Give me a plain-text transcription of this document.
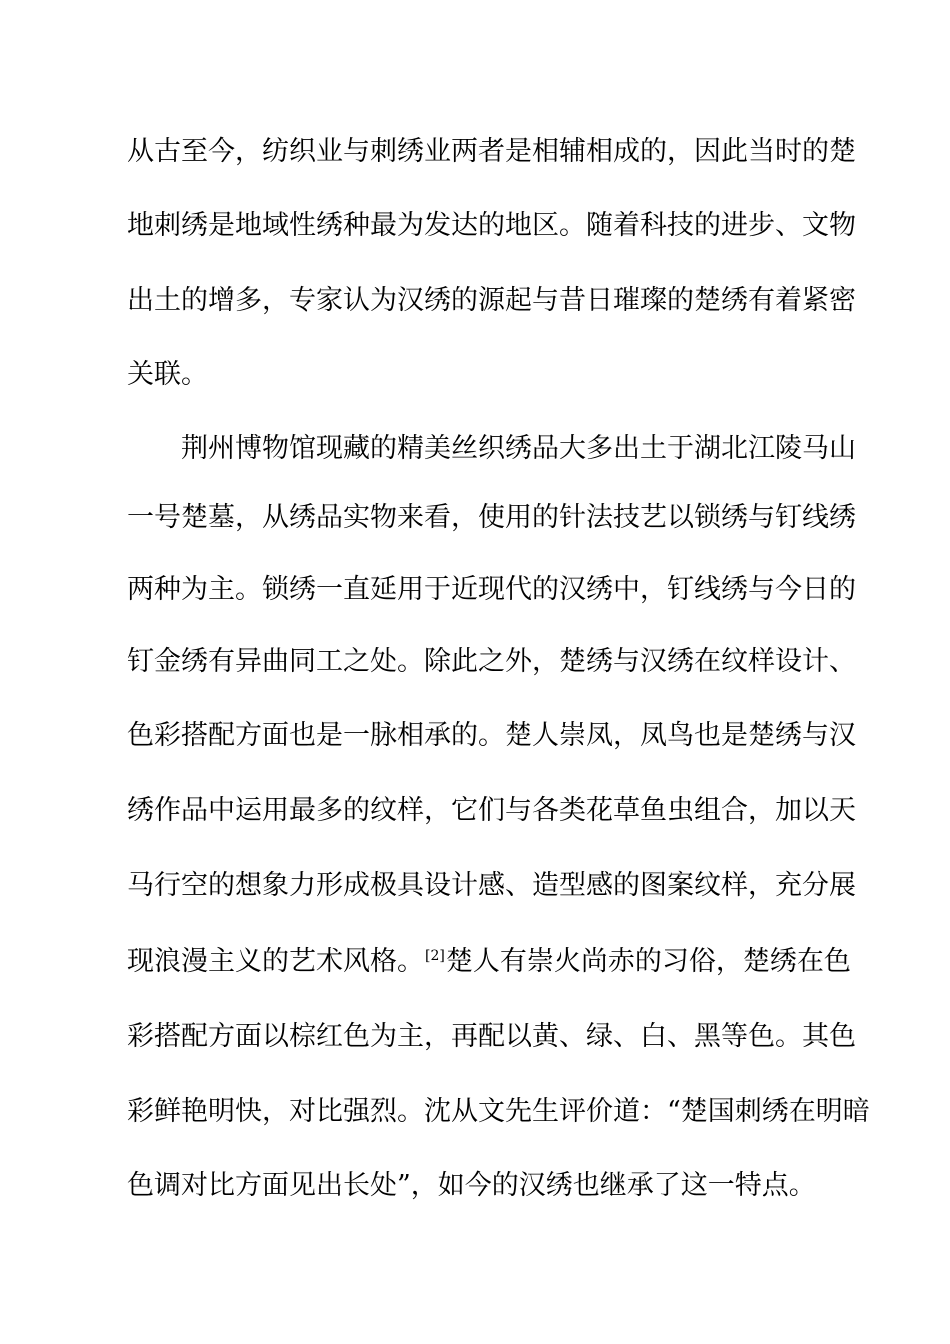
从古至今，纺织业与刺绣业两者是相辅相成的，因此当时的楚
地刺绣是地域性绣种最为发达的地区。随着科技的进步、文物
出土的增多，专家认为汉绣的源起与昔日璀璨的楚绣有着紧密
关联。
荆州博物馆现藏的精美丝织绣品大多出土于湖北江陵马山
一号楚墓，从绣品实物来看，使用的针法技艺以锁绣与钉线绣
两种为主。锁绣一直延用于近现代的汉绣中，钉线绣与今日的
钉金绣有异曲同工之处。除此之外，楚绣与汉绣在纹样设计、
色彩搭配方面也是一脉相承的。楚人崇凤，凤鸟也是楚绣与汉
绣作品中运用最多的纹样，它们与各类花草鱼虫组合，加以天
马行空的想象力形成极具设计感、造型感的图案纹样，充分展
现浪漫主义的艺术风格。[2]楚人有崇火尚赤的习俗，楚绣在色
彩搭配方面以棕红色为主，再配以黄、绿、白、黑等色。其色
彩鲜艳明快，对比强烈。沈从文先生评价道：“楚国刺绣在明暗
色调对比方面见出长处”，如今的汉绣也继承了这一特点。
